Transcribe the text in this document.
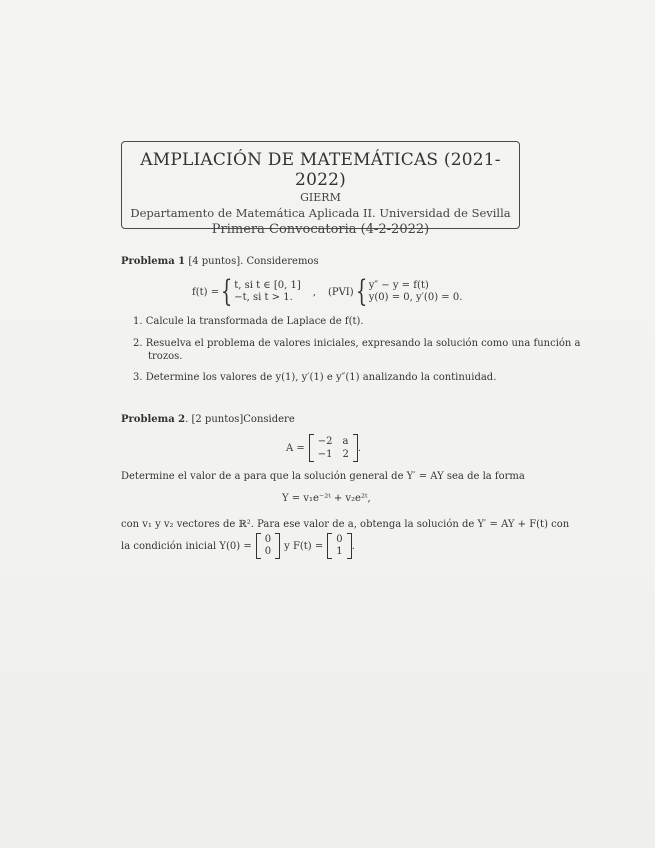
AMPLIACIÓN DE MATEMÁTICAS (2021-2022)
GIERM
Departamento de Matemática Aplicada II. Universidad de Sevilla
Primera Convocatoria (4-2-2022)
Problema 1 [4 puntos]. Consideremos
f(t) = { t, si t ∈ [0, 1]
−t, si t > 1.	, (PVI) { y″ − y = f(t)
y(0) = 0, y′(0) = 0.
1. Calcule la transformada de Laplace de f(t).
2. Resuelva el problema de valores iniciales, expresando la solución como una función a
trozos.
3. Determine los valores de y(1), y′(1) e y″(1) analizando la continuidad.
Problema 2. [2 puntos]Considere
A =
−2 a
−1 2
.
Determine el valor de a para que la solución general de Y′ = AY sea de la forma
Y = v₁e⁻²ᵗ + v₂e²ᵗ,
con v₁ y v₂ vectores de ℝ². Para ese valor de a, obtenga la solución de Y′ = AY + F(t) con
la condición inicial Y(0) =
0
0 y F(t) =
0
1 .
